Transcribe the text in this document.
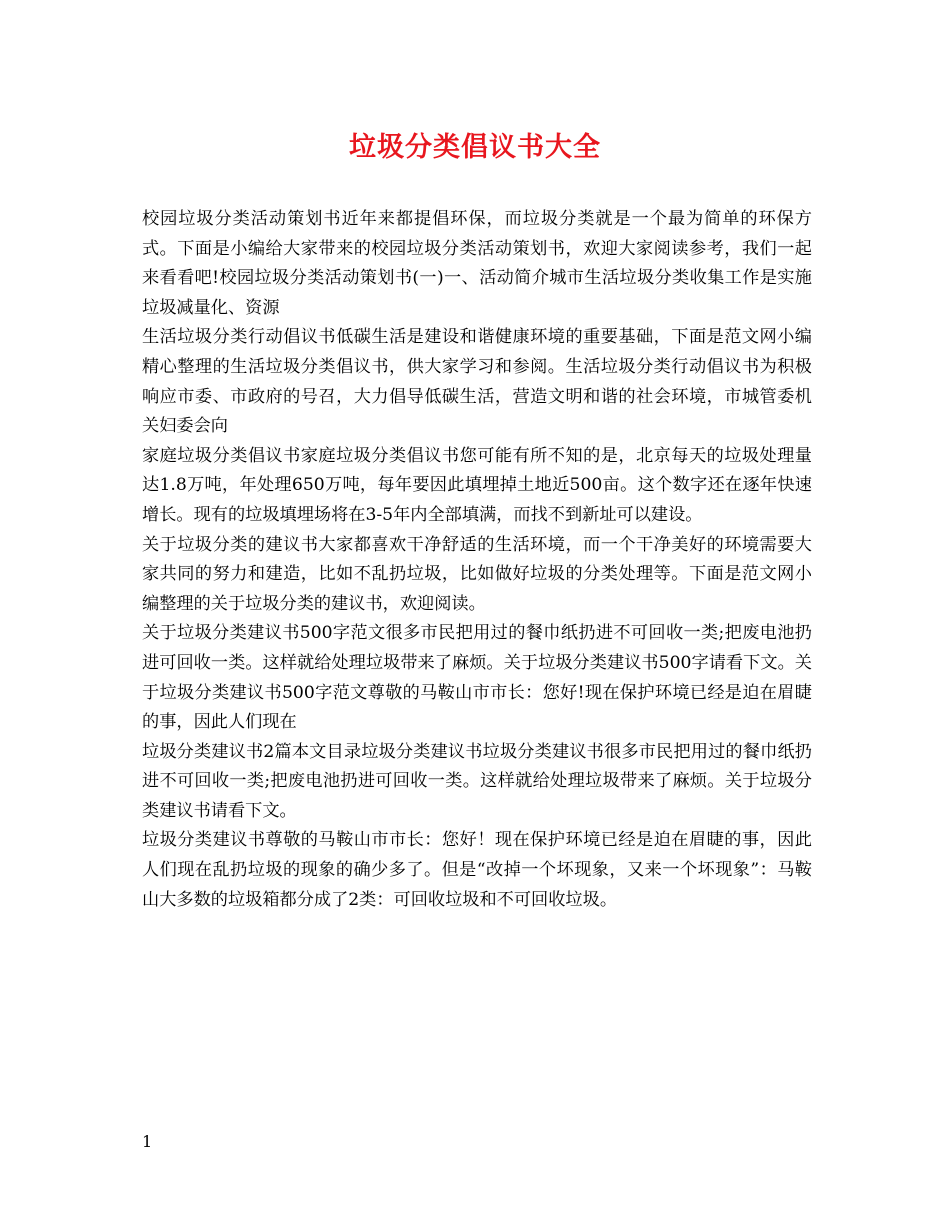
垃圾分类倡议书大全

校园垃圾分类活动策划书近年来都提倡环保，而垃圾分类就是一个最为简单的环保方式。下面是小编给大家带来的校园垃圾分类活动策划书，欢迎大家阅读参考，我们一起来看看吧!校园垃圾分类活动策划书(一)一、活动简介城市生活垃圾分类收集工作是实施垃圾减量化、资源

生活垃圾分类行动倡议书低碳生活是建设和谐健康环境的重要基础，下面是范文网小编精心整理的生活垃圾分类倡议书，供大家学习和参阅。生活垃圾分类行动倡议书为积极响应市委、市政府的号召，大力倡导低碳生活，营造文明和谐的社会环境，市城管委机关妇委会向

家庭垃圾分类倡议书家庭垃圾分类倡议书您可能有所不知的是，北京每天的垃圾处理量达1.8万吨，年处理650万吨，每年要因此填埋掉土地近500亩。这个数字还在逐年快速增长。现有的垃圾填埋场将在3-5年内全部填满，而找不到新址可以建设。

关于垃圾分类的建议书大家都喜欢干净舒适的生活环境，而一个干净美好的环境需要大家共同的努力和建造，比如不乱扔垃圾，比如做好垃圾的分类处理等。下面是范文网小编整理的关于垃圾分类的建议书，欢迎阅读。

关于垃圾分类建议书500字范文很多市民把用过的餐巾纸扔进不可回收一类;把废电池扔进可回收一类。这样就给处理垃圾带来了麻烦。关于垃圾分类建议书500字请看下文。关于垃圾分类建议书500字范文尊敬的马鞍山市市长：您好!现在保护环境已经是迫在眉睫的事，因此人们现在

垃圾分类建议书2篇本文目录垃圾分类建议书垃圾分类建议书很多市民把用过的餐巾纸扔进不可回收一类;把废电池扔进可回收一类。这样就给处理垃圾带来了麻烦。关于垃圾分类建议书请看下文。

垃圾分类建议书尊敬的马鞍山市市长：您好！现在保护环境已经是迫在眉睫的事，因此人们现在乱扔垃圾的现象的确少多了。但是“改掉一个坏现象，又来一个坏现象”：马鞍山大多数的垃圾箱都分成了2类：可回收垃圾和不可回收垃圾。

1
